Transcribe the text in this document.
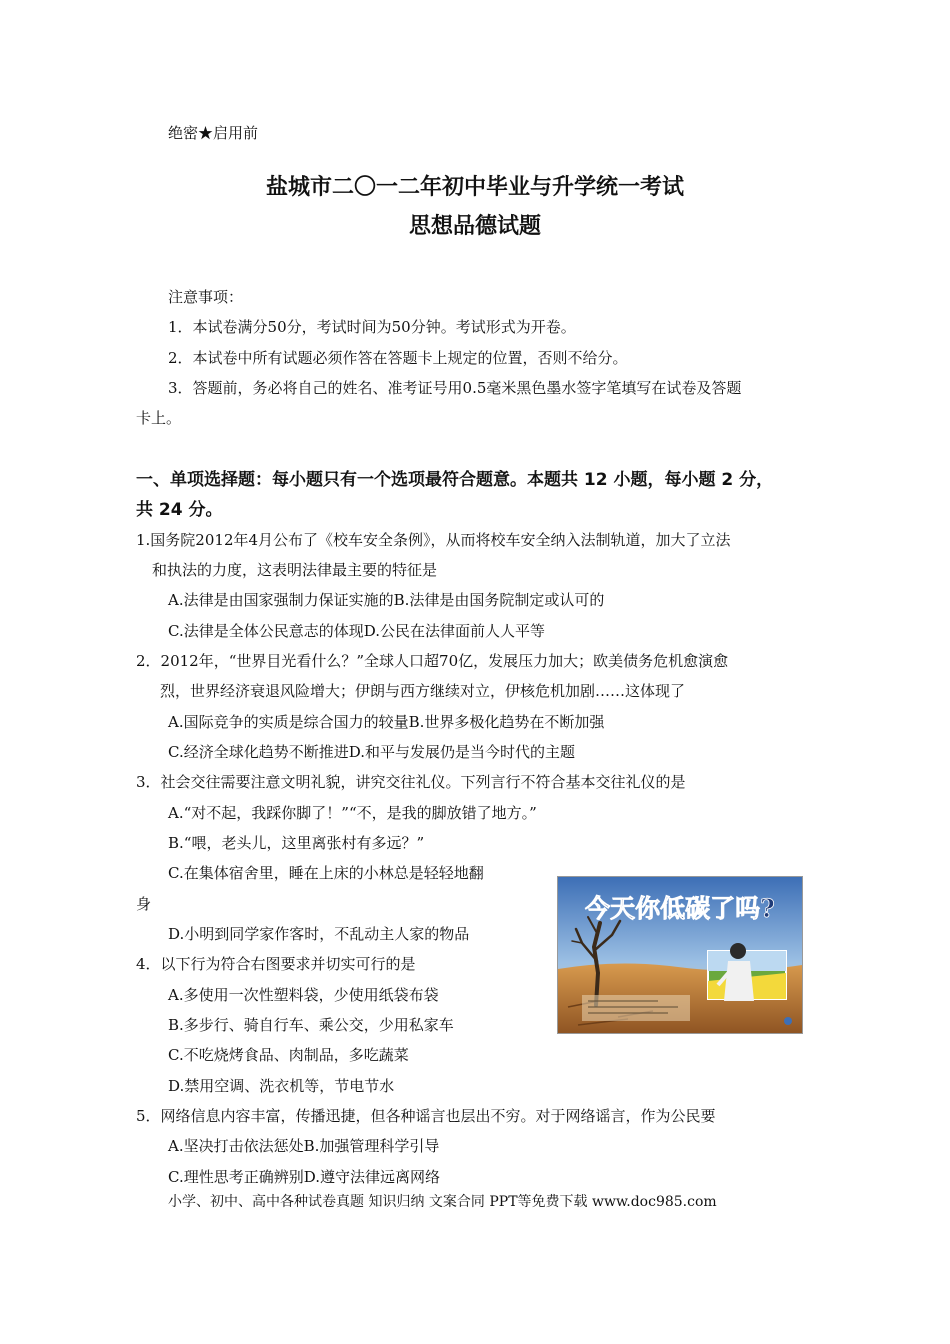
绝密★启用前
盐城市二〇一二年初中毕业与升学统一考试
思想品德试题
注意事项：
1．本试卷满分50分，考试时间为50分钟。考试形式为开卷。
2．本试卷中所有试题必须作答在答题卡上规定的位置，否则不给分。
3．答题前，务必将自己的姓名、准考证号用0.5毫米黑色墨水签字笔填写在试卷及答题
卡上。
一、单项选择题：每小题只有一个选项最符合题意。本题共 12 小题，每小题 2 分，
共 24 分。
1.国务院2012年4月公布了《校车安全条例》，从而将校车安全纳入法制轨道，加大了立法
和执法的力度，这表明法律最主要的特征是
A.法律是由国家强制力保证实施的B.法律是由国务院制定或认可的
C.法律是全体公民意志的体现D.公民在法律面前人人平等
2．2012年，“世界目光看什么？”全球人口超70亿，发展压力加大；欧美债务危机愈演愈
烈，世界经济衰退风险增大；伊朗与西方继续对立，伊核危机加剧……这体现了
A.国际竞争的实质是综合国力的较量B.世界多极化趋势在不断加强
C.经济全球化趋势不断推进D.和平与发展仍是当今时代的主题
3．社会交往需要注意文明礼貌，讲究交往礼仪。下列言行不符合基本交往礼仪的是
A.“对不起，我踩你脚了！”“不，是我的脚放错了地方。”
B.“喂，老头儿，这里离张村有多远？”
C.在集体宿舍里，睡在上床的小林总是轻轻地翻
身
D.小明到同学家作客时，不乱动主人家的物品
4．以下行为符合右图要求并切实可行的是
A.多使用一次性塑料袋，少使用纸袋布袋
B.多步行、骑自行车、乘公交，少用私家车
C.不吃烧烤食品、肉制品，多吃蔬菜
D.禁用空调、洗衣机等，节电节水
5．网络信息内容丰富，传播迅捷，但各种谣言也层出不穷。对于网络谣言，作为公民要
A.坚决打击依法惩处B.加强管理科学引导
C.理性思考正确辨别D.遵守法律远离网络
今天你低碳了吗?
小学、初中、高中各种试卷真题 知识归纳 文案合同 PPT等免费下载 www.doc985.com
